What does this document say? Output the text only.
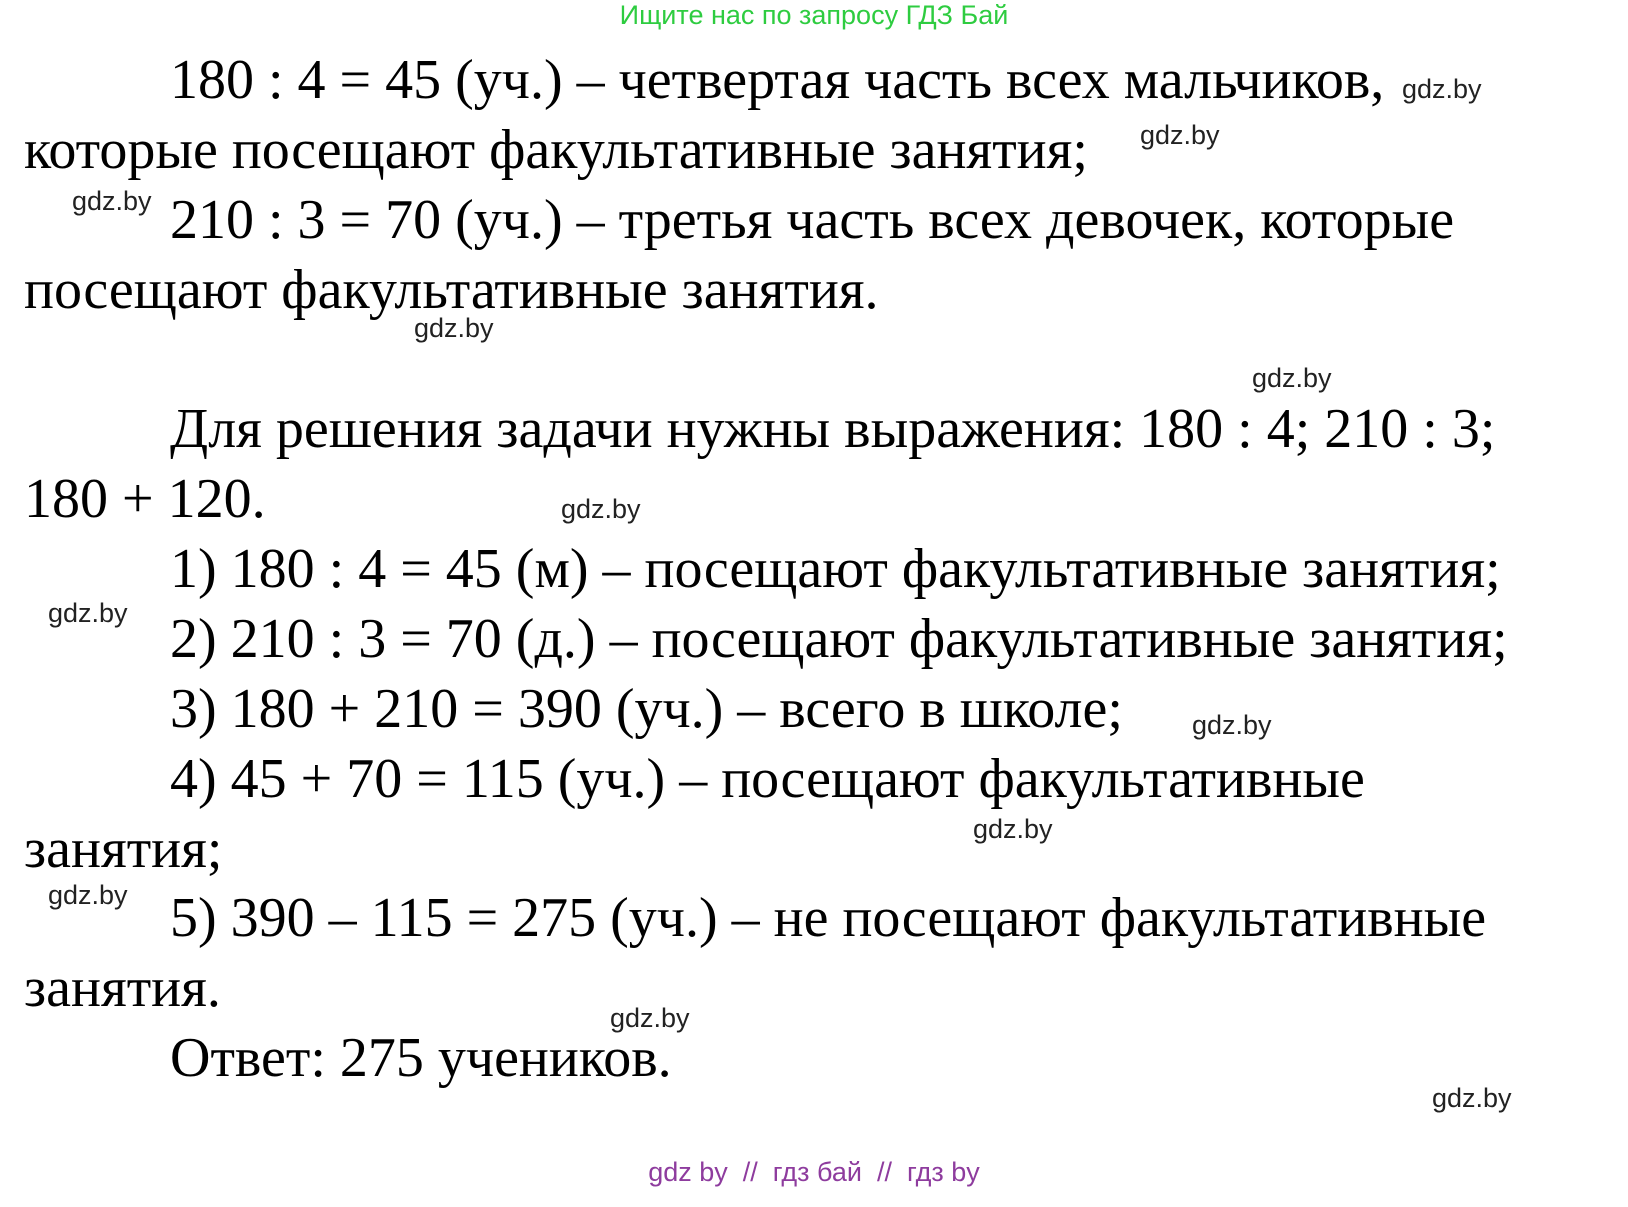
Ищите нас по запросу ГДЗ Бай
180 : 4 = 45 (уч.) – четвертая часть всех мальчиков,
которые посещают факультативные занятия;
210 : 3 = 70 (уч.) – третья часть всех девочек, которые
посещают факультативные занятия.
Для решения задачи нужны выражения: 180 : 4; 210 : 3;
180 + 120.
1) 180 : 4 = 45 (м) – посещают факультативные занятия;
2) 210 : 3 = 70 (д.) – посещают факультативные занятия;
3) 180 + 210 = 390 (уч.) – всего в школе;
4) 45 + 70 = 115 (уч.) – посещают факультативные
занятия;
5) 390 – 115 = 275 (уч.) – не посещают факультативные
занятия.
Ответ: 275 учеников.
gdz.by
gdz.by
gdz.by
gdz.by
gdz.by
gdz.by
gdz.by
gdz.by
gdz.by
gdz.by
gdz.by
gdz.by
gdz by  //  гдз бай  //  гдз by
